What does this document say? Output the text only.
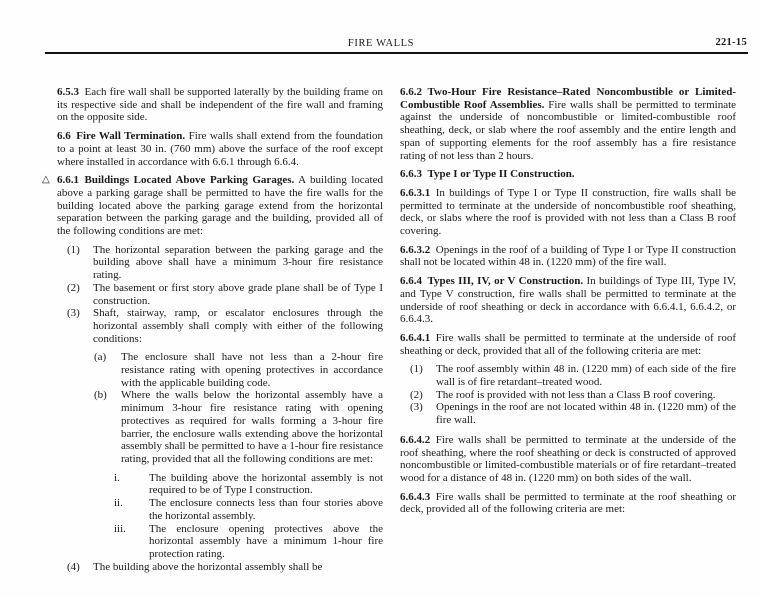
FIRE WALLS	221-15

6.5.3  Each fire wall shall be supported laterally by the building frame on its respective side and shall be independent of the fire wall and framing on the opposite side.

6.6  Fire Wall Termination. Fire walls shall extend from the foundation to a point at least 30 in. (760 mm) above the surface of the roof except where installed in accordance with 6.6.1 through 6.6.4.

△ 6.6.1  Buildings Located Above Parking Garages. A building located above a parking garage shall be permitted to have the fire walls for the building located above the parking garage extend from the horizontal separation between the parking garage and the building, provided all of the following conditions are met:

(1) The horizontal separation between the parking garage and the building above shall have a minimum 3-hour fire resistance rating.
(2) The basement or first story above grade plane shall be of Type I construction.
(3) Shaft, stairway, ramp, or escalator enclosures through the horizontal assembly shall comply with either of the following conditions:
(a) The enclosure shall have not less than a 2-hour fire resistance rating with opening protectives in accordance with the applicable building code.
(b) Where the walls below the horizontal assembly have a minimum 3-hour fire resistance rating with opening protectives as required for walls forming a 3-hour fire barrier, the enclosure walls extending above the horizontal assembly shall be permitted to have a 1-hour fire resistance rating, provided that all the following conditions are met:
i.	The building above the horizontal assembly is not required to be of Type I construction.
ii. The enclosure connects less than four stories above the horizontal assembly.
iii. The enclosure opening protectives above the horizontal assembly have a minimum 1-hour fire protection rating.
(4) The building above the horizontal assembly shall be

6.6.2  Two-Hour Fire Resistance–Rated Noncombustible or Limited-Combustible Roof Assemblies. Fire walls shall be permitted to terminate against the underside of noncombustible or limited-combustible roof sheathing, deck, or slab where the roof assembly and the entire length and span of supporting elements for the roof assembly has a fire resistance rating of not less than 2 hours.

6.6.3  Type I or Type II Construction.

6.6.3.1  In buildings of Type I or Type II construction, fire walls shall be permitted to terminate at the underside of noncombustible roof sheathing, deck, or slabs where the roof is provided with not less than a Class B roof covering.

6.6.3.2  Openings in the roof of a building of Type I or Type II construction shall not be located within 48 in. (1220 mm) of the fire wall.

6.6.4  Types III, IV, or V Construction. In buildings of Type III, Type IV, and Type V construction, fire walls shall be permitted to terminate at the underside of roof sheathing or deck in accordance with 6.6.4.1, 6.6.4.2, or 6.6.4.3.

6.6.4.1  Fire walls shall be permitted to terminate at the underside of roof sheathing or deck, provided that all of the following criteria are met:

(1) The roof assembly within 48 in. (1220 mm) of each side of the fire wall is of fire retardant–treated wood.
(2) The roof is provided with not less than a Class B roof covering.
(3) Openings in the roof are not located within 48 in. (1220 mm) of the fire wall.

6.6.4.2  Fire walls shall be permitted to terminate at the underside of the roof sheathing, where the roof sheathing or deck is constructed of approved noncombustible or limited-combustible materials or of fire retardant–treated wood for a distance of 48 in. (1220 mm) on both sides of the wall.

6.6.4.3  Fire walls shall be permitted to terminate at the roof sheathing or deck, provided all of the following criteria are met:
